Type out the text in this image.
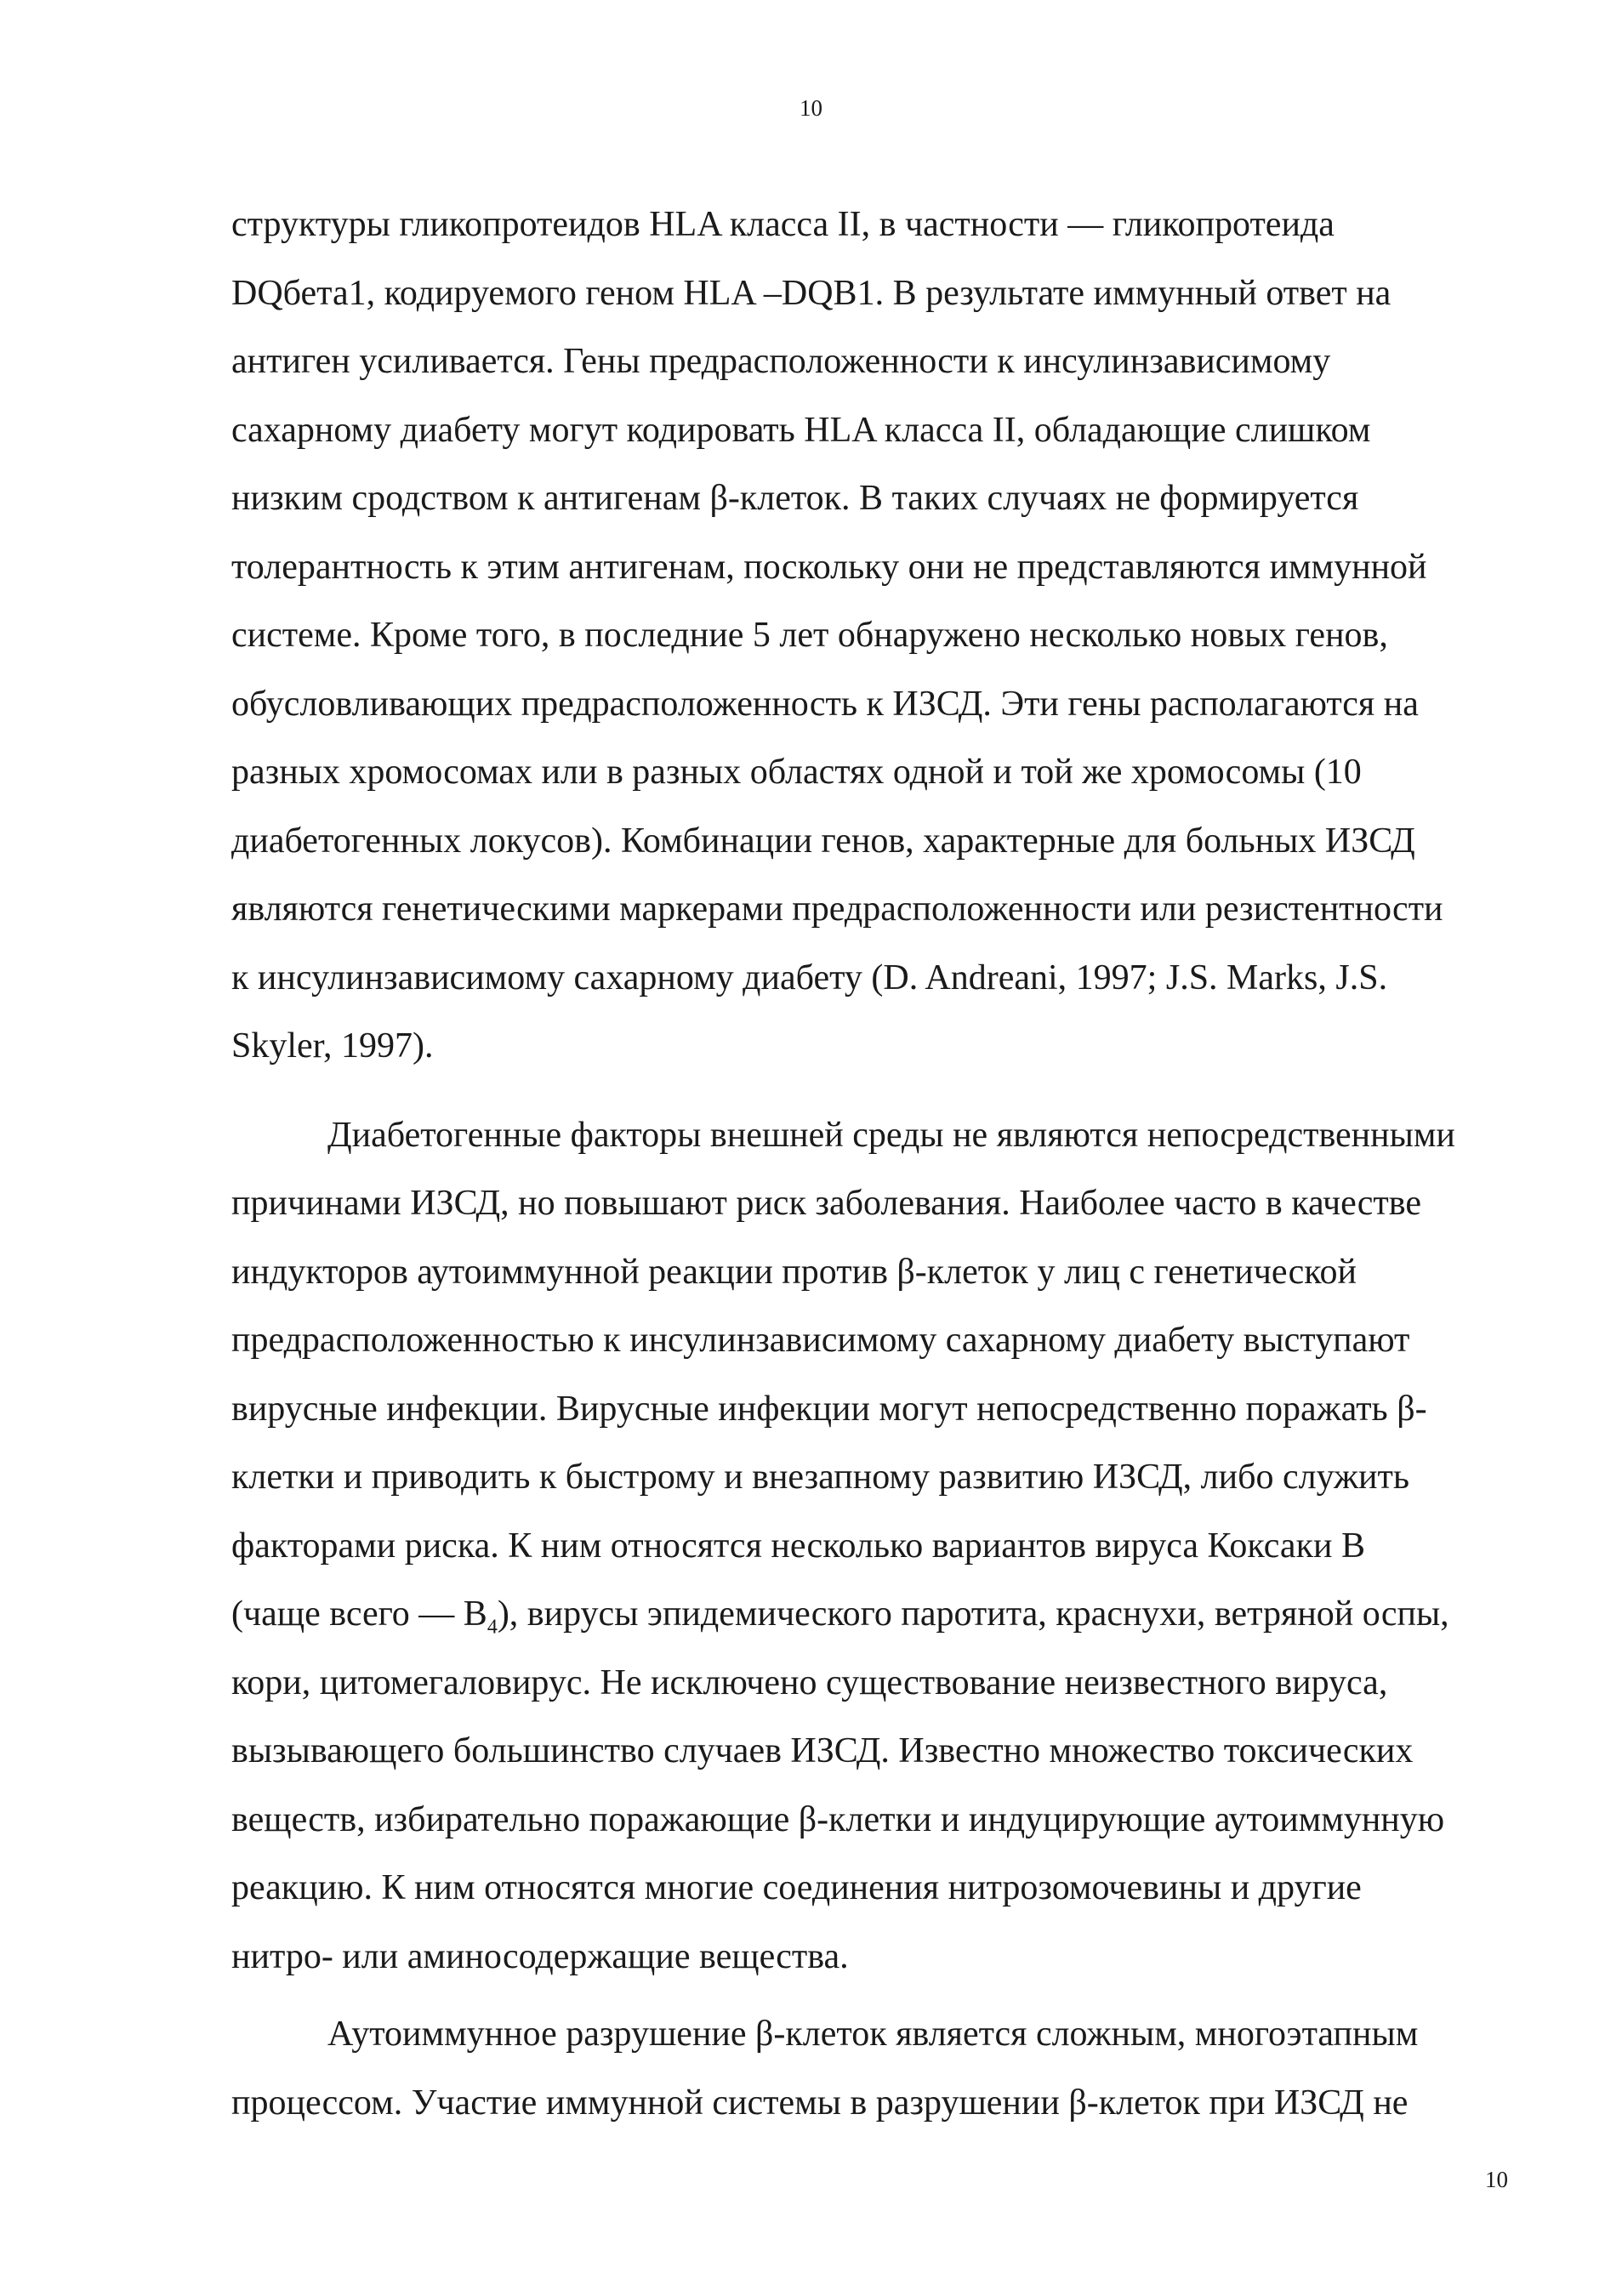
10
структуры гликопротеидов HLA класса II, в частности — гликопротеида
DQбета1, кодируемого геном HLA –DQB1. В результате иммунный ответ на
антиген усиливается. Гены предрасположенности к инсулинзависимому
сахарному диабету могут кодировать HLA класса II, обладающие слишком
низким сродством к антигенам β-клеток. В таких случаях не формируется
толерантность к этим антигенам, поскольку они не представляются иммунной
системе. Кроме того, в последние 5 лет обнаружено несколько новых генов,
обусловливающих предрасположенность к ИЗСД. Эти гены располагаются на
разных хромосомах или в разных областях одной и той же хромосомы (10
диабетогенных локусов). Комбинации генов, характерные для больных ИЗСД
являются генетическими маркерами предрасположенности или резистентности
к инсулинзависимому сахарному диабету (D. Andreani, 1997; J.S. Marks, J.S.
Skyler, 1997).
Диабетогенные факторы внешней среды не являются непосредственными
причинами ИЗСД, но повышают риск заболевания. Наиболее часто в качестве
индукторов аутоиммунной реакции против β-клеток у лиц с генетической
предрасположенностью к инсулинзависимому сахарному диабету выступают
вирусные инфекции. Вирусные инфекции могут непосредственно поражать β-
клетки и приводить к быстрому и внезапному развитию ИЗСД, либо служить
факторами риска. К ним относятся несколько вариантов вируса Коксаки B
(чаще всего — $B_4$), вирусы эпидемического паротита, краснухи, ветряной оспы,
кори, цитомегаловирус. Не исключено существование неизвестного вируса,
вызывающего большинство случаев ИЗСД. Известно множество токсических
веществ, избирательно поражающие β-клетки и индуцирующие аутоиммунную
реакцию. К ним относятся многие соединения нитрозомочевины и другие
нитро- или аминосодержащие вещества.
Аутоиммунное разрушение β-клеток является сложным, многоэтапным
процессом. Участие иммунной системы в разрушении β-клеток при ИЗСД не
10
